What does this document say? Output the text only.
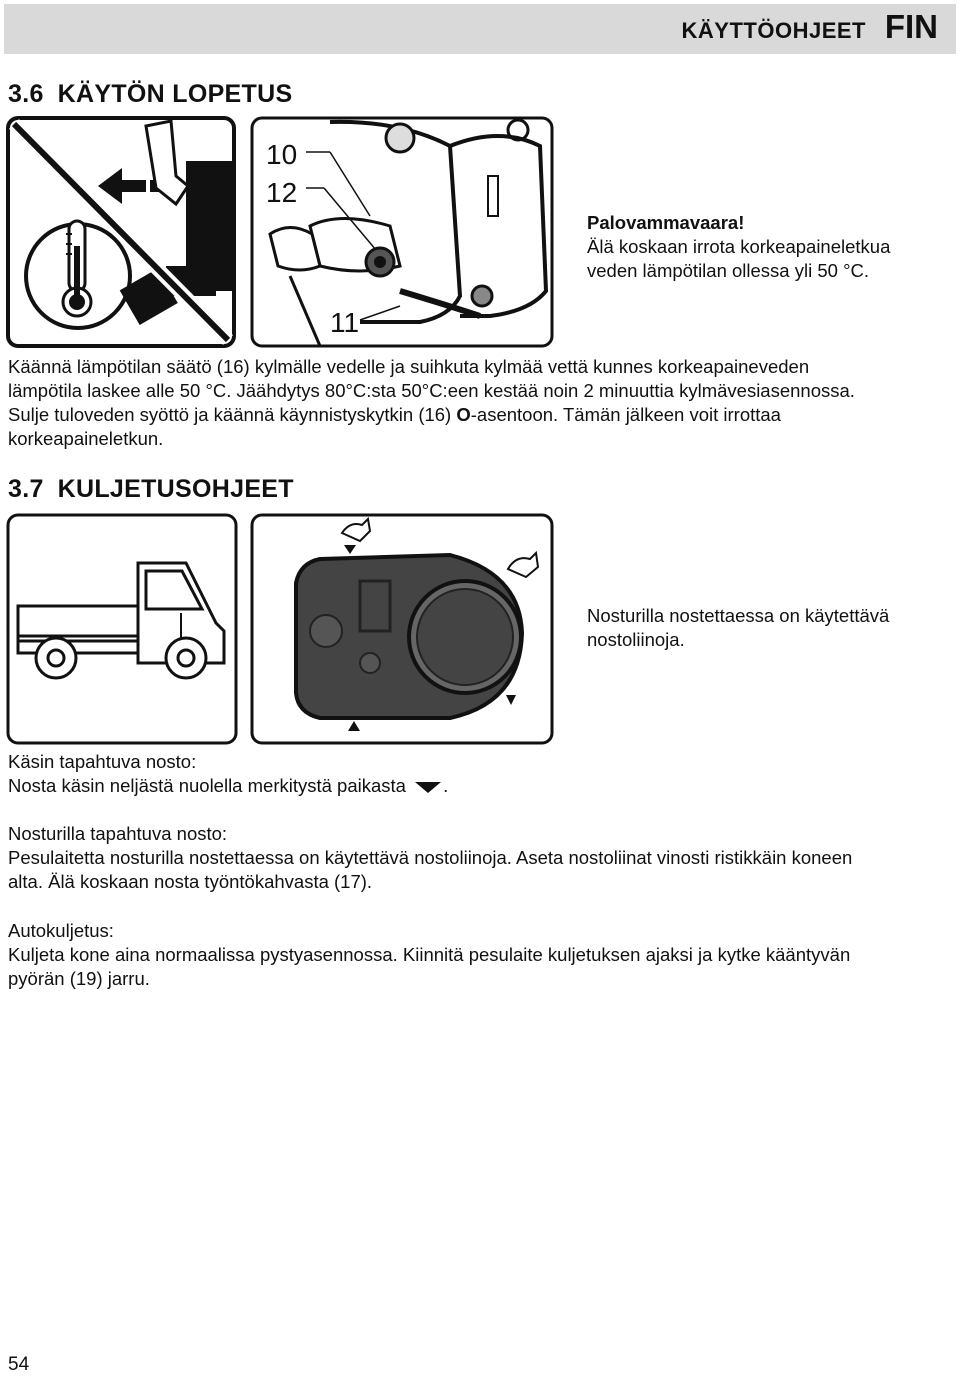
KÄYTTÖOHJEET FIN
3.6 KÄYTÖN LOPETUS
10
12
11
Palovammavaara!
Älä koskaan irrota korkeapaineletkua
veden lämpötilan ollessa yli 50 °C.
Käännä lämpötilan säätö (16) kylmälle vedelle ja suihkuta kylmää vettä kunnes korkeapaineveden
lämpötila laskee alle 50 °C. Jäähdytys 80°C:sta 50°C:een kestää noin 2 minuuttia kylmävesiasennossa.
Sulje tuloveden syöttö ja käännä käynnistyskytkin (16) O-asentoon. Tämän jälkeen voit irrottaa
korkeapaineletkun.
3.7 KULJETUSOHJEET
Nosturilla nostettaessa on käytettävä
nostoliinoja.
Käsin tapahtuva nosto:
Nosta käsin neljästä nuolella merkitystä paikasta .
Nosturilla tapahtuva nosto:
Pesulaitetta nosturilla nostettaessa on käytettävä nostoliinoja. Aseta nostoliinat vinosti ristikkäin koneen
alta. Älä koskaan nosta työntökahvasta (17).
Autokuljetus:
Kuljeta kone aina normaalissa pystyasennossa. Kiinnitä pesulaite kuljetuksen ajaksi ja kytke kääntyvän
pyörän (19) jarru.
54
